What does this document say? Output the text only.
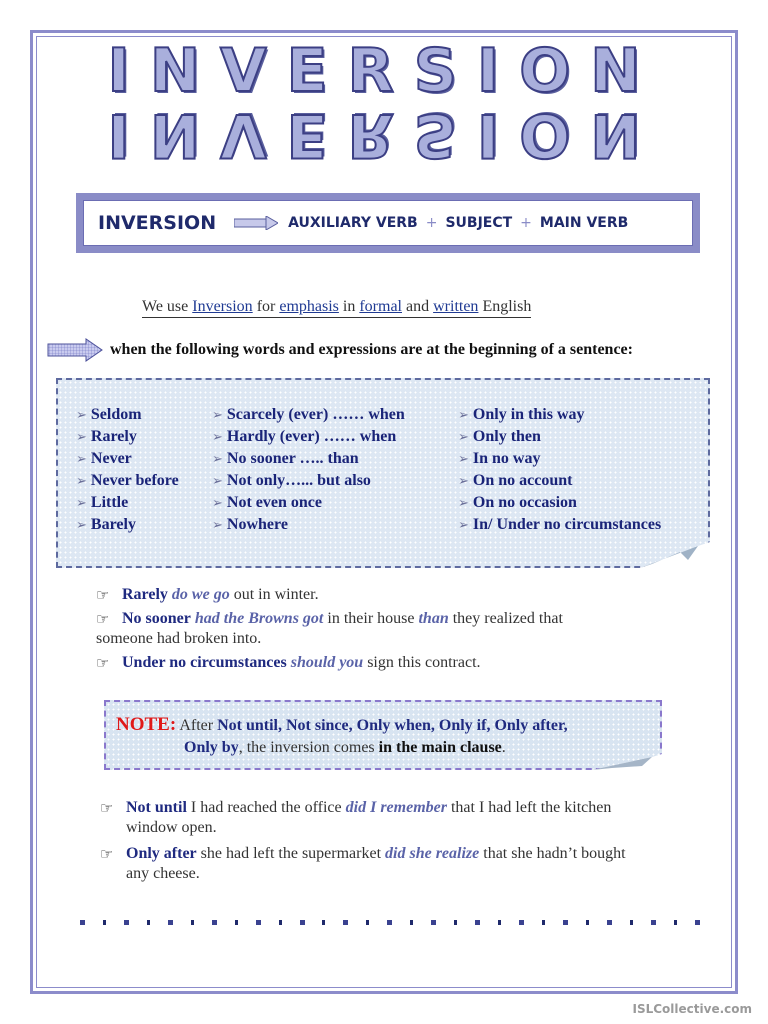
INVERSION
INVERSION
INVERSION	AUXILIARY VERB + SUBJECT + MAIN VERB
We use Inversion for emphasis in formal and written English
when the following words and expressions are at the beginning of a sentence :
➢ Seldom
➢ Rarely
➢ Never
➢ Never before
➢ Little
➢ Barely
➢ Scarcely (ever) …… when
➢ Hardly (ever) …… when
➢ No sooner ….. than
➢ Not only…... but also
➢ Not even once
➢ Nowhere
➢ Only in this way
➢ Only then
➢ In no way
➢ On no account
➢ On no occasion
➢ In/ Under no circumstances
☞ Rarely do we go out in winter.
☞ No sooner had the Browns got in their house than they realized that
someone had broken into.
☞ Under no circumstances should you sign this contract.
NOTE: After Not until, Not since, Only when, Only if, Only after,
Only by, the inversion comes in the main clause.
☞ Not until I had reached the office did I remember that I had left the kitchen
window open.
☞ Only after she had left the supermarket did she realize that she hadn’t bought
any cheese.
ISLCollective.com
